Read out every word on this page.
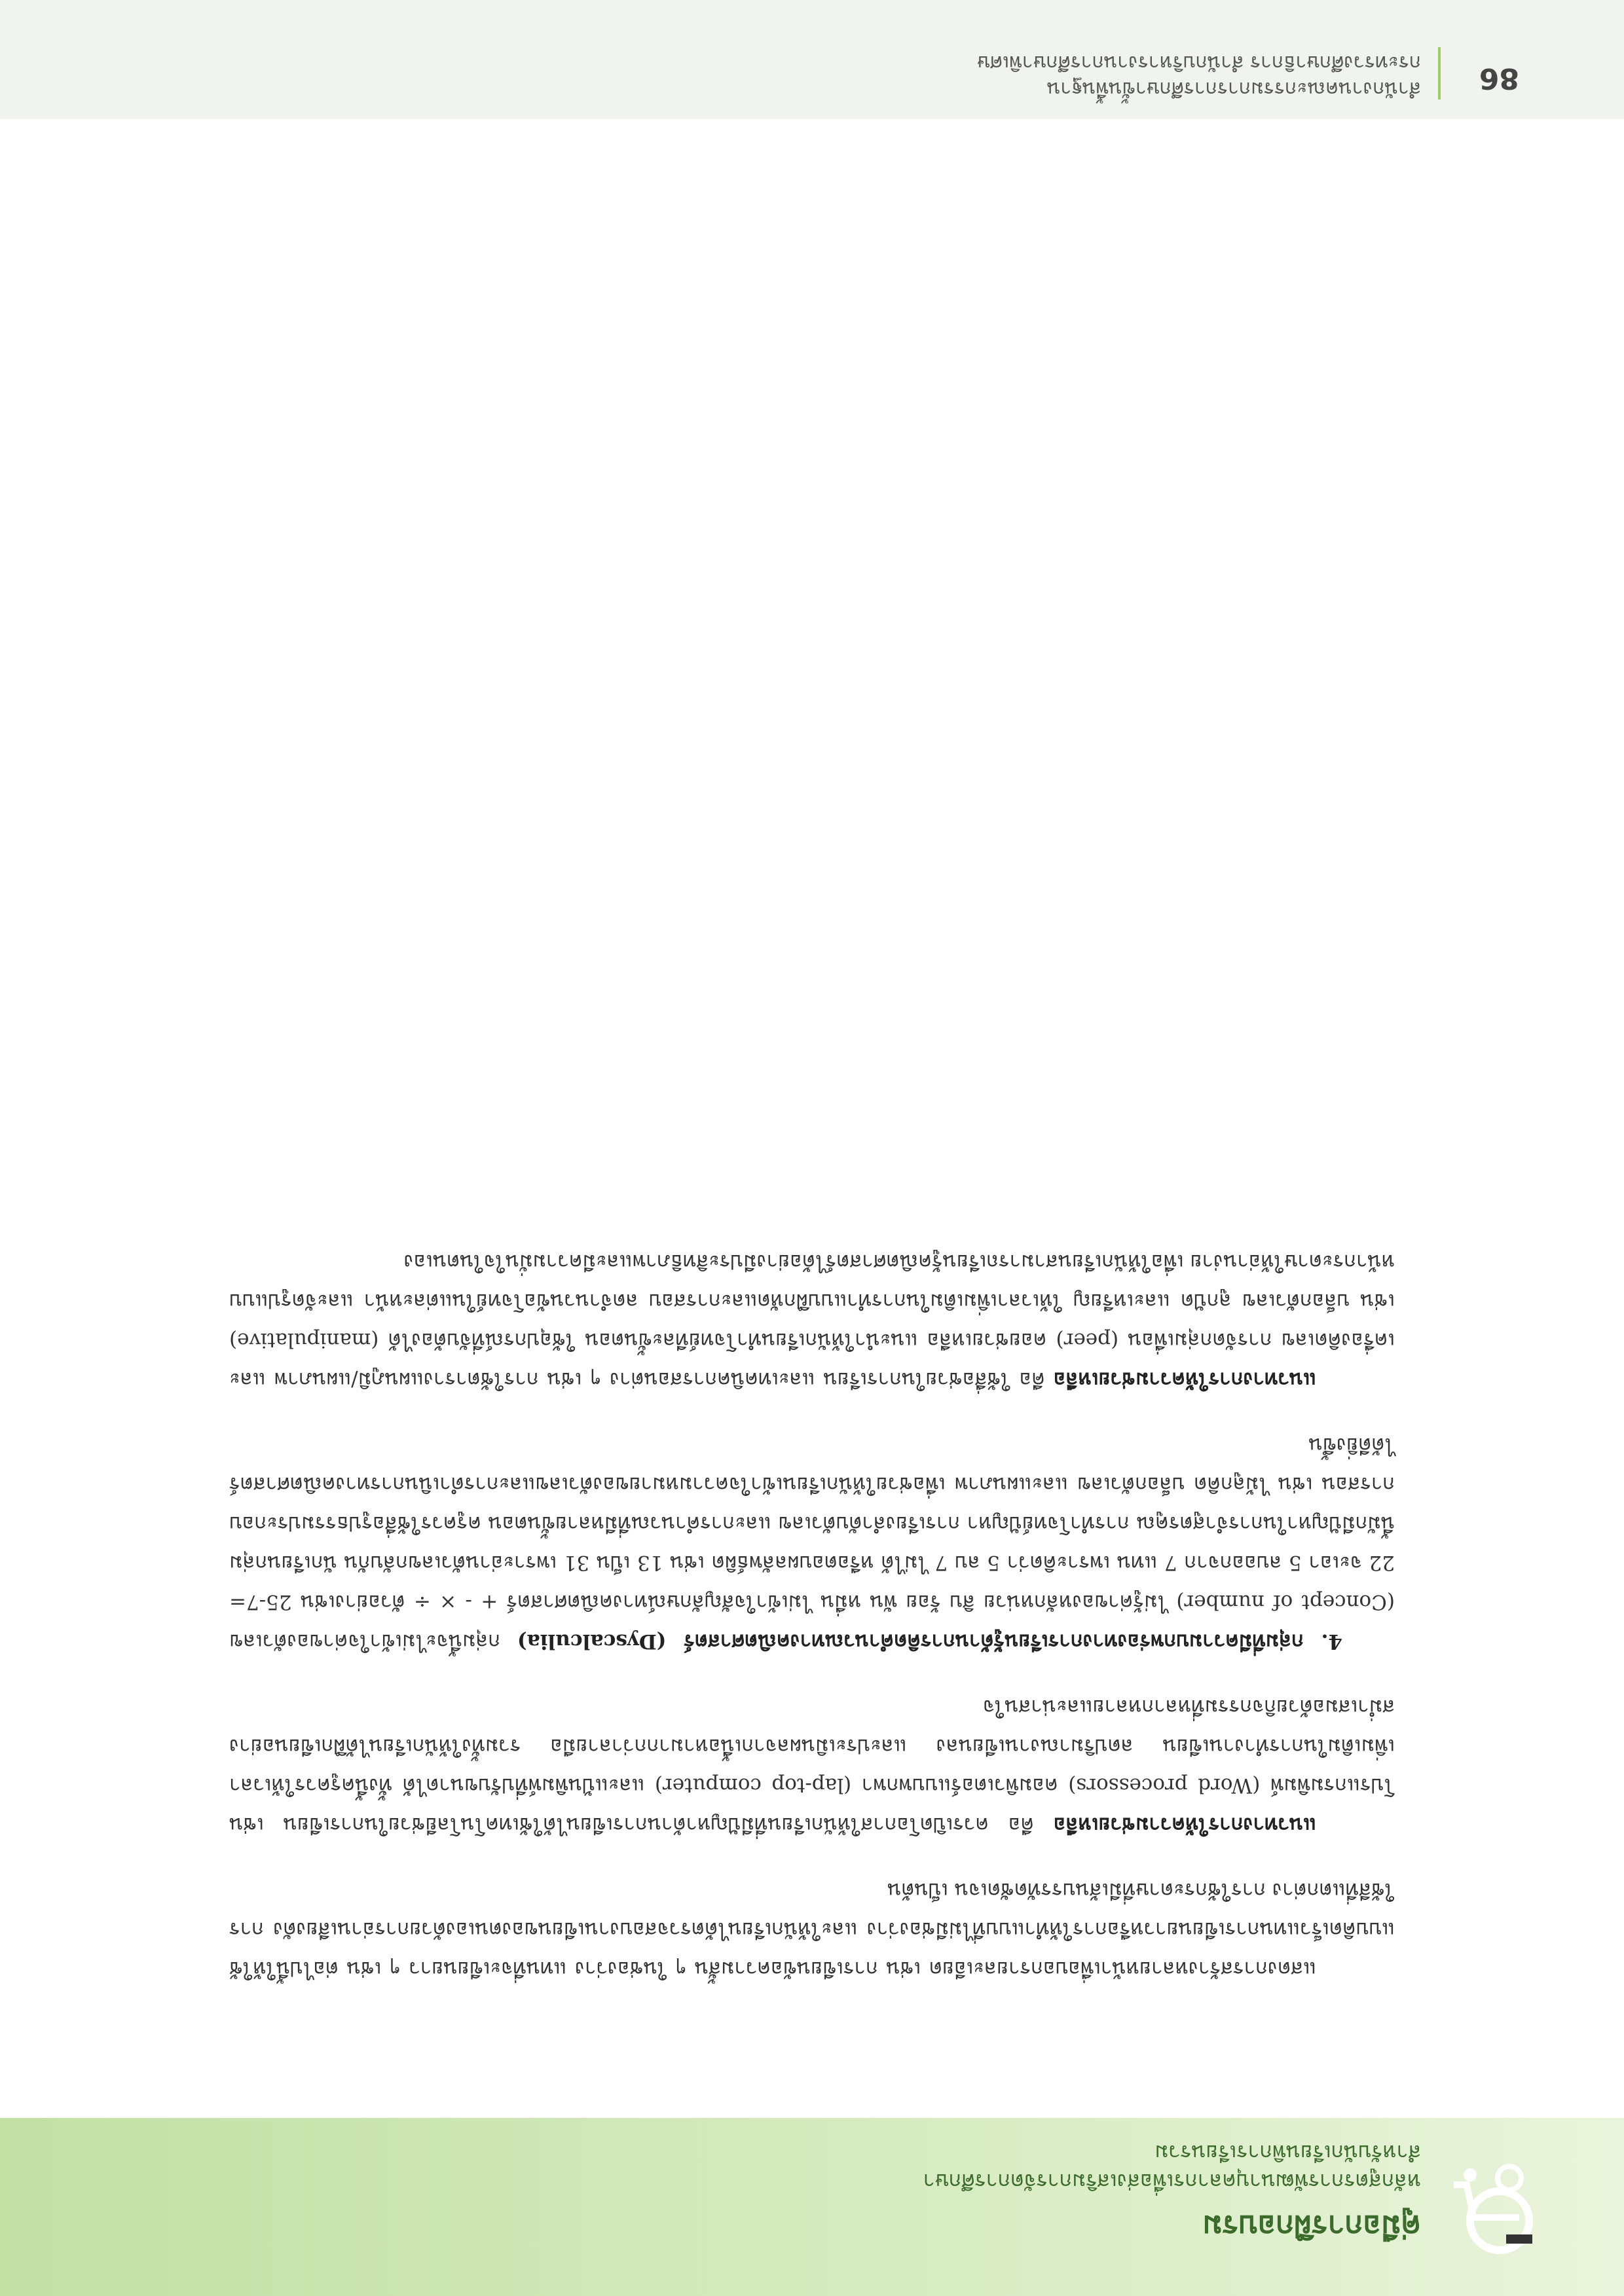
คู่มือการฝึกอบรม
หลักสูตรการพัฒนาบุคลากรเพื่อส่งเสริมการจัดการศึกษา
สำหรับนักเรียนพิการเรียนรวม

แสดงการสร้างหลายหน้าเพื่อบอกรายละเอียด เช่น การเขียนข้อความสั้น ๆ ในช่องว่าง แทนที่จะเขียนยาว ๆ เช่น ต่อไปนี้ให้ใช้แบบคิดเร็วแทนการเขียนยาวหรือการให้ทำแบบที่ไม่มีช่องว่าง และให้นักเรียนได้ตรวจสอบงานเขียนของตนเองด้วยการอ่านเสียงดัง การใช้สีที่แตกต่าง การใช้กระดาษที่มีเส้นบรรทัดชัดเจน เป็นต้น

แนวทางการให้ความช่วยเหลือ คือ ควรเปิดโอกาสให้นักเรียนที่มีปัญหาด้านการเขียนได้ใช้เทคโนโลยีช่วยในการเขียน เช่น โปรแกรมพิมพ์ (Word processors) คอมพิวเตอร์แบบพกพา (lap-top computer) และแป้นพิมพ์ที่ปรับขนาดได้ ทั้งนี้ครูควรให้เวลาเพิ่มเติมในการทำงานเขียน ลดปริมาณงานเขียนลง และประเมินผลจากเนื้อหามากกว่าลายมือ รวมทั้งให้นักเรียนได้ฝึกเขียนอย่างสม่ำเสมอด้วยกิจกรรมที่หลากหลายและน่าสนใจ

4. กลุ่มที่มีความบกพร่องทางการเรียนรู้ด้านการคิดคำนวณทางคณิตศาสตร์ (Dyscalculia) กลุ่มนี้จะไม่เข้าใจค่าของตัวเลข (Concept of number) ไม่รู้ค่าของหลักหน่วย สิบ ร้อย พัน หมื่น ไม่เข้าใจสัญลักษณ์ทางคณิตศาสตร์ + - × ÷ ตัวอย่างเช่น 25-7= 22 จะเอา 5 ลบออกจาก 7 แทน เพราะคิดว่า 5 ลบ 7 ไม่ได้ หรือตอบผลลัพธ์ผิด เช่น 13 เป็น 31 เพราะอ่านตัวเลขกลับกัน นักเรียนกลุ่มนี้มักมีปัญหาในการจำสูตรคูณ การทำโจทย์ปัญหา การเรียงลำดับตัวเลข และการคำนวณที่มีหลายขั้นตอน ครูควรใช้สื่อรูปธรรมประกอบการสอน เช่น ไม้ลูกคิด บล็อกตัวเลข และแผนภาพ เพื่อช่วยให้นักเรียนเข้าใจความหมายของตัวเลขและการดำเนินการทางคณิตศาสตร์ได้ดียิ่งขึ้น

แนวทางการให้ความช่วยเหลือ คือ ใช้สื่อช่วยในการเรียน และเทคนิคการสอนต่าง ๆ เช่น การใช้ตารางแผนภูมิ/แผนภาพ และเครื่องคิดเลข การจัดกลุ่มเพื่อน (peer) คอยช่วยเหลือ แนะนำให้นักเรียนทำโจทย์ทีละขั้นตอน ใช้อุปกรณ์ที่จับต้องได้ (manipulative) เช่น บล็อกตัวเลข ลูกปัด และเหรียญ ให้เวลาเพิ่มเติมในการทำแบบฝึกหัดและการสอบ ลดจำนวนข้อโจทย์ในแต่ละหน้า และจัดรูปแบบหน้ากระดาษให้อ่านง่าย เพื่อให้นักเรียนสามารถเรียนรู้คณิตศาสตร์ได้อย่างมีประสิทธิภาพและมีความมั่นใจในตนเอง

86
สำนักงานคณะกรรมการการศึกษาขั้นพื้นฐาน
กระทรวงศึกษาธิการ สำนักบริหารงานการศึกษาพิเศษ
